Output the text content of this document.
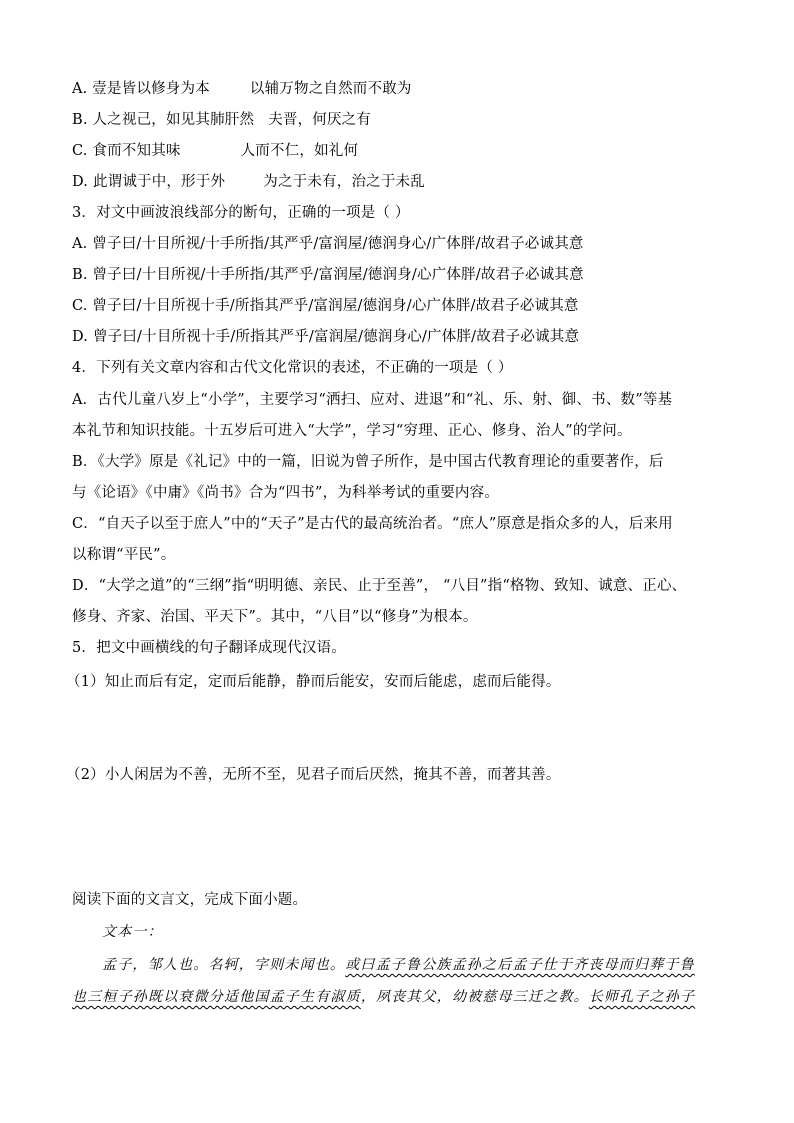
A. 壹是皆以修身为本	以辅万物之自然而不敢为
B. 人之视己，如见其肺肝然 夫晋，何厌之有
C. 食而不知其味	人而不仁，如礼何
D. 此谓诚于中，形于外	为之于未有，治之于未乱
3．对文中画波浪线部分的断句，正确的一项是（ ）
A. 曾子曰/十目所视/十手所指/其严乎/富润屋/德润身心/广体胖/故君子必诚其意
B. 曾子曰/十目所视/十手所指/其严乎/富润屋/德润身/心广体胖/故君子必诚其意
C. 曾子曰/十目所视十手/所指其严乎/富润屋/德润身/心广体胖/故君子必诚其意
D. 曾子曰/十目所视十手/所指其严乎/富润屋/德润身心/广体胖/故君子必诚其意
4．下列有关文章内容和古代文化常识的表述，不正确的一项是（ ）
A．古代儿童八岁上“小学”，主要学习“洒扫、应对、进退”和“礼、乐、射、御、书、数”等基
本礼节和知识技能。十五岁后可进入“大学”，学习“穷理、正心、修身、治人”的学问。
B．《大学》原是《礼记》中的一篇，旧说为曾子所作，是中国古代教育理论的重要著作，后
与《论语》《中庸》《尚书》合为“四书”，为科举考试的重要内容。
C．“自天子以至于庶人”中的“天子”是古代的最高统治者。“庶人”原意是指众多的人，后来用
以称谓“平民”。
D．“大学之道”的“三纲”指“明明德、亲民、止于至善”， “八目”指“格物、致知、诚意、正心、
修身、齐家、治国、平天下”。其中，“八目”以“修身”为根本。
5．把文中画横线的句子翻译成现代汉语。
（1）知止而后有定，定而后能静，静而后能安，安而后能虑，虑而后能得。
（2）小人闲居为不善，无所不至，见君子而后厌然，掩其不善，而著其善。
阅读下面的文言文，完成下面小题。
文本一：
孟子，邹人也。名轲，字则未闻也。或曰孟子鲁公族孟孙之后孟子仕于齐丧母而归葬于鲁
也三桓子孙既以衰微分适他国孟子生有淑质，夙丧其父，幼被慈母三迁之教。长师孔子之孙子
